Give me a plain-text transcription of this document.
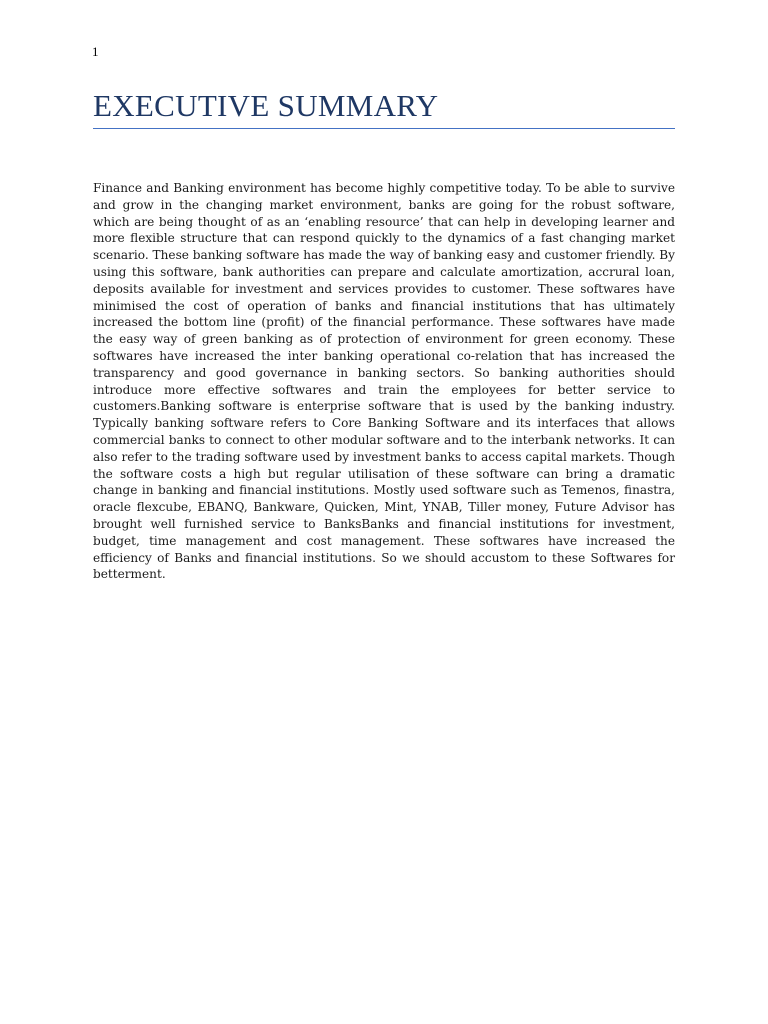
1
EXECUTIVE SUMMARY

Finance and Banking environment has become highly competitive today. To be able to survive and grow in the changing market environment, banks are going for the robust software, which are being thought of as an ‘enabling resource’ that can help in developing learner and more flexible structure that can respond quickly to the dynamics of a fast changing market scenario. These banking software has made the way of banking easy and customer friendly. By using this software, bank authorities can prepare and calculate amortization, accrural loan, deposits available for investment and services provides to customer. These softwares have minimised the cost of operation of banks and financial institutions that has ultimately increased the bottom line (profit) of the financial performance. These softwares have made the easy way of green banking as of protection of environment for green economy. These softwares have increased the inter banking operational co-relation that has increased the transparency and good governance in banking sectors. So banking authorities should introduce more effective softwares and train the employees for better service to customers.Banking software is enterprise software that is used by the banking industry. Typically banking software refers to Core Banking Software and its interfaces that allows commercial banks to connect to other modular software and to the interbank networks. It can also refer to the trading software used by investment banks to access capital markets. Though the software costs a high but regular utilisation of these software can bring a dramatic change in banking and financial institutions. Mostly used software such as Temenos, finastra, oracle flexcube, EBANQ, Bankware, Quicken, Mint, YNAB, Tiller money, Future Advisor has brought well furnished service to BanksBanks and financial institutions for investment, budget, time management and cost management. These softwares have increased the efficiency of Banks and financial institutions. So we should accustom to these Softwares for betterment.
